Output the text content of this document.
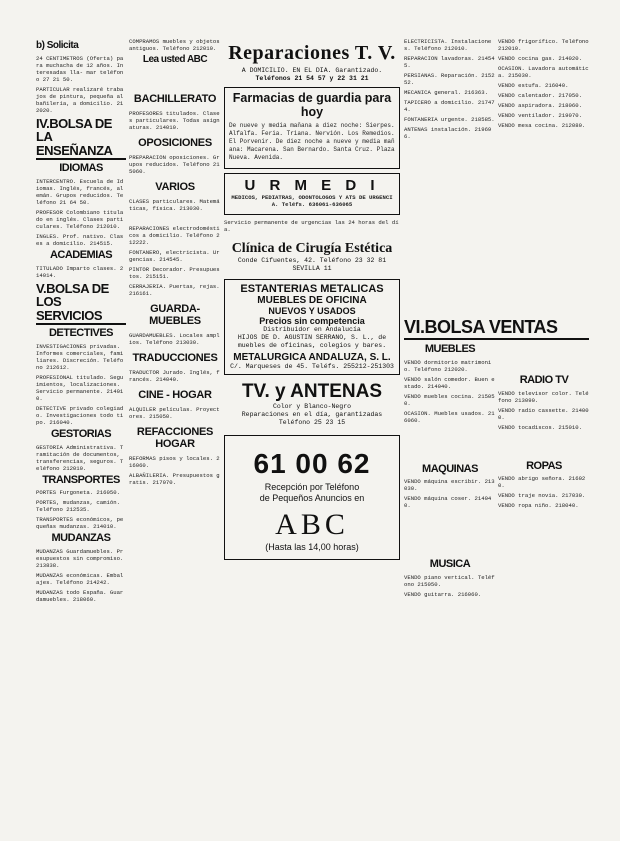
b) Solicita

24 CENTIMETROS (Oferta) para muchacha de 12 años. Interesadas lla- mar teléfono 27 21 50.

PARTICULAR realizaré trabajos de pintura, pequeña albañilería, a domicilio. 212020.

IV.BOLSA DE LA ENSEÑANZA
IDIOMAS

INTERCENTRO. Escuela de Idiomas. Inglés, francés, alemán. Grupos reducidos. Teléfono 21 64 50.

PROFESOR Colombiano titulado en inglés. Clases particulares. Teléfono 212010.

INGLES. Prof. nativo. Clases a domicilio. 214515.

ACADEMIAS

TITULADO Imparto clases. 214014.

V.BOLSA DE LOS SERVICIOS
DETECTIVES

INVESTIGACIONES privadas. Informes comerciales, familiares. Discreción. Teléfono 212612.

PROFESIONAL titulado. Seguimientos, localizaciones. Servicio permanente. 214010.

DETECTIVE privado colegiado. Investigaciones todo tipo. 216040.

GESTORIAS

GESTORIA Administrativa. Tramitación de documentos, transferencias, seguros. Teléfono 212010.

TRANSPORTES

PORTES Furgoneta. 216050.

PORTES, mudanzas, camión. Teléfono 212535.

TRANSPORTES económicos, pequeñas mudanzas. 214010.

MUDANZAS

MUDANZAS Guardamuebles. Presupuestos sin compromiso. 213838.

MUDANZAS económicas. Embalajes. Teléfono 214242.

MUDANZAS todo España. Guardamuebles. 218060.

COMPRAMOS muebles y objetos antiguos. Teléfono 212010.

Lea usted ABC
BACHILLERATO

PROFESORES titulados. Clases particulares. Todas asignaturas. 214010.

OPOSICIONES

PREPARACION oposiciones. Grupos reducidos. Teléfono 215060.

VARIOS

CLASES particulares. Matemáticas, física. 213030.

REPARACIONES electrodomésticos a domicilio. Teléfono 212222.

FONTANERO, electricista. Urgencias. 214545.

PINTOR Decorador. Presupuestos. 215151.

CERRAJERIA. Puertas, rejas. 216161.

GUARDA-MUEBLES

GUARDAMUEBLES. Locales amplios. Teléfono 213030.

TRADUCCIONES

TRADUCTOR Jurado. Inglés, francés. 214040.

CINE - HOGAR

ALQUILER películas. Proyectores. 215050.

REFACCIONES HOGAR

REFORMAS pisos y locales. 216060.

ALBAÑILERIA. Presupuestos gratis. 217070.

Reparaciones T. V.
A DOMICILIO. EN EL DIA. Garantizado.
Teléfonos 21 54 57 y 22 31 21
Farmacias de guardia para hoy

De nueve y media mañana a diez noche: Sierpes. Alfalfa. Feria. Triana. Nervión. Los Remedios. El Porvenir. De diez noche a nueve y media mañana: Macarena. San Bernardo. Santa Cruz. Plaza Nueva. Avenida.

U R M E D I

MEDICOS, PEDIATRAS, ODONTOLOGOS Y ATS DE URGENCIA. Teléfs. 636061-636065

Servicio permanente de urgencias las 24 horas del día.

Clínica de Cirugía Estética
Conde Cifuentes, 42. Teléfono 23 32 81 SEVILLA 11
ESTANTERIAS METALICAS
MUEBLES DE OFICINA
NUEVOS Y USADOS
Precios sin competencia
Distribuidor en Andalucía
HIJOS DE D. AGUSTIN SERRANO, S. L., de muebles de oficinas, colegios y bares.
METALURGICA ANDALUZA, S. L.
C/. Marqueses de 45. Teléfs. 255212-251303
TV. y ANTENAS
Color y Blanco-Negro
Reparaciones en el día, garantizadas
Teléfono 25 23 15
61 00 62
Recepción por Teléfono
de Pequeños Anuncios en
ABC
(Hasta las 14,00 horas)

ELECTRICISTA. Instalaciones. Teléfono 212010.

REPARACION lavadoras. 214545.

PERSIANAS. Reparación. 215252.

MECANICA general. 216363.

TAPICERO a domicilio. 217474.

FONTANERIA urgente. 218585.

ANTENAS instalación. 219696.

VI.BOLSA VENTAS
MUEBLES

VENDO dormitorio matrimonio. Teléfono 212020.

VENDO salón comedor. Buen estado. 214040.

VENDO muebles cocina. 215050.

OCASION. Muebles usados. 216060.

MAQUINAS

VENDO máquina escribir. 213030.

VENDO máquina coser. 214040.

MUSICA

VENDO piano vertical. Teléfono 215050.

VENDO guitarra. 216060.

VENDO frigorífico. Teléfono 212010.

VENDO cocina gas. 214020.

OCASION. Lavadora automática. 215030.

VENDO estufa. 216040.

VENDO calentador. 217050.

VENDO aspiradora. 218060.

VENDO ventilador. 219070.

VENDO mesa cocina. 212080.

RADIO TV

VENDO televisor color. Teléfono 213090.

VENDO radio cassette. 214000.

VENDO tocadiscos. 215010.

ROPAS

VENDO abrigo señora. 216020.

VENDO traje novia. 217030.

VENDO ropa niño. 218040.
